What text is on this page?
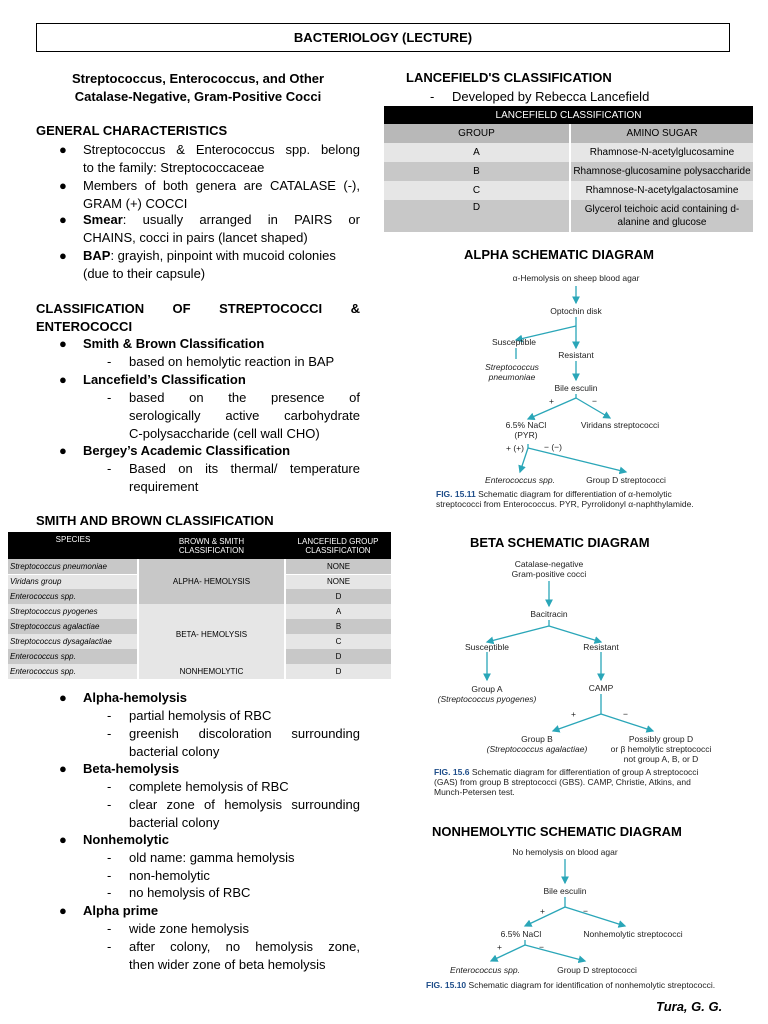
BACTERIOLOGY (LECTURE)
Streptococcus, Enterococcus, and Other
Catalase-Negative, Gram-Positive Cocci
GENERAL CHARACTERISTICS
● Streptococcus & Enterococcus spp. belong
to the family: Streptococcaceae
● Members of both genera are CATALASE (-),
GRAM (+) COCCI
● Smear: usually arranged in PAIRS or
CHAINS, cocci in pairs (lancet shaped)
● BAP: grayish, pinpoint with mucoid colonies
(due to their capsule)
CLASSIFICATION OF STREPTOCOCCI &
ENTEROCOCCI
● Smith & Brown Classification
- based on hemolytic reaction in BAP
● Lancefield’s Classification
- based on the presence of
serologically active carbohydrate
C-polysaccharide (cell wall CHO)
● Bergey’s Academic Classification
- Based on its thermal/ temperature
requirement
SMITH AND BROWN CLASSIFICATION
SPECIES	BROWN & SMITH CLASSIFICATION	LANCEFIELD GROUP CLASSIFICATION
Streptococcus pneumoniae	ALPHA- HEMOLYSIS	NONE
Viridans group		NONE
Enterococcus spp.		D
Streptococcus pyogenes	BETA- HEMOLYSIS	A
Streptococcus agalactiae		B
Streptococcus dysagalactiae		C
Enterococcus spp.		D
Enterococcus spp.	NONHEMOLYTIC	D
● Alpha-hemolysis
- partial hemolysis of RBC
- greenish discoloration surrounding
bacterial colony
● Beta-hemolysis
- complete hemolysis of RBC
- clear zone of hemolysis surrounding
bacterial colony
● Nonhemolytic
- old name: gamma hemolysis
- non-hemolytic
- no hemolysis of RBC
● Alpha prime
- wide zone hemolysis
- after colony, no hemolysis zone,
then wider zone of beta hemolysis
LANCEFIELD'S CLASSIFICATION
- Developed by Rebecca Lancefield
LANCEFIELD CLASSIFICATION	
GROUP	AMINO SUGAR
A	Rhamnose-N-acetylglucosamine
B	Rhamnose-glucosamine polysaccharide
C	Rhamnose-N-acetylgalactosamine
D	Glycerol teichoic acid containing d-alanine and glucose
ALPHA SCHEMATIC DIAGRAM
α-Hemolysis on sheep blood agar
Optochin disk
Susceptible
Resistant
Streptococcus
pneumoniae
Bile esculin
+	−
6.5% NaCl
(PYR)
Viridans streptococci
+ (+) − (−)
Enterococcus spp.	Group D streptococci
FIG. 15.11 Schematic diagram for differentiation of α-hemolytic streptococci from Enterococcus. PYR, Pyrrolidonyl α-naphthylamide.
BETA SCHEMATIC DIAGRAM
Catalase-negative
Gram-positive cocci
Bacitracin
Susceptible	Resistant
Group A
(Streptococcus pyogenes)
CAMP
+	−
Group B
(Streptococcus agalactiae)
Possibly group D
or β hemolytic streptococci
not group A, B, or D
FIG. 15.6 Schematic diagram for differentiation of group A streptococci (GAS) from group B streptococci (GBS). CAMP, Christie, Atkins, and Munch-Petersen test.
NONHEMOLYTIC SCHEMATIC DIAGRAM
No hemolysis on blood agar
Bile esculin
+	−
6.5% NaCl	Nonhemolytic streptococci
+	−
Enterococcus spp.	Group D streptococci
FIG. 15.10 Schematic diagram for identification of nonhemolytic streptococci.
Tura, G. G.
